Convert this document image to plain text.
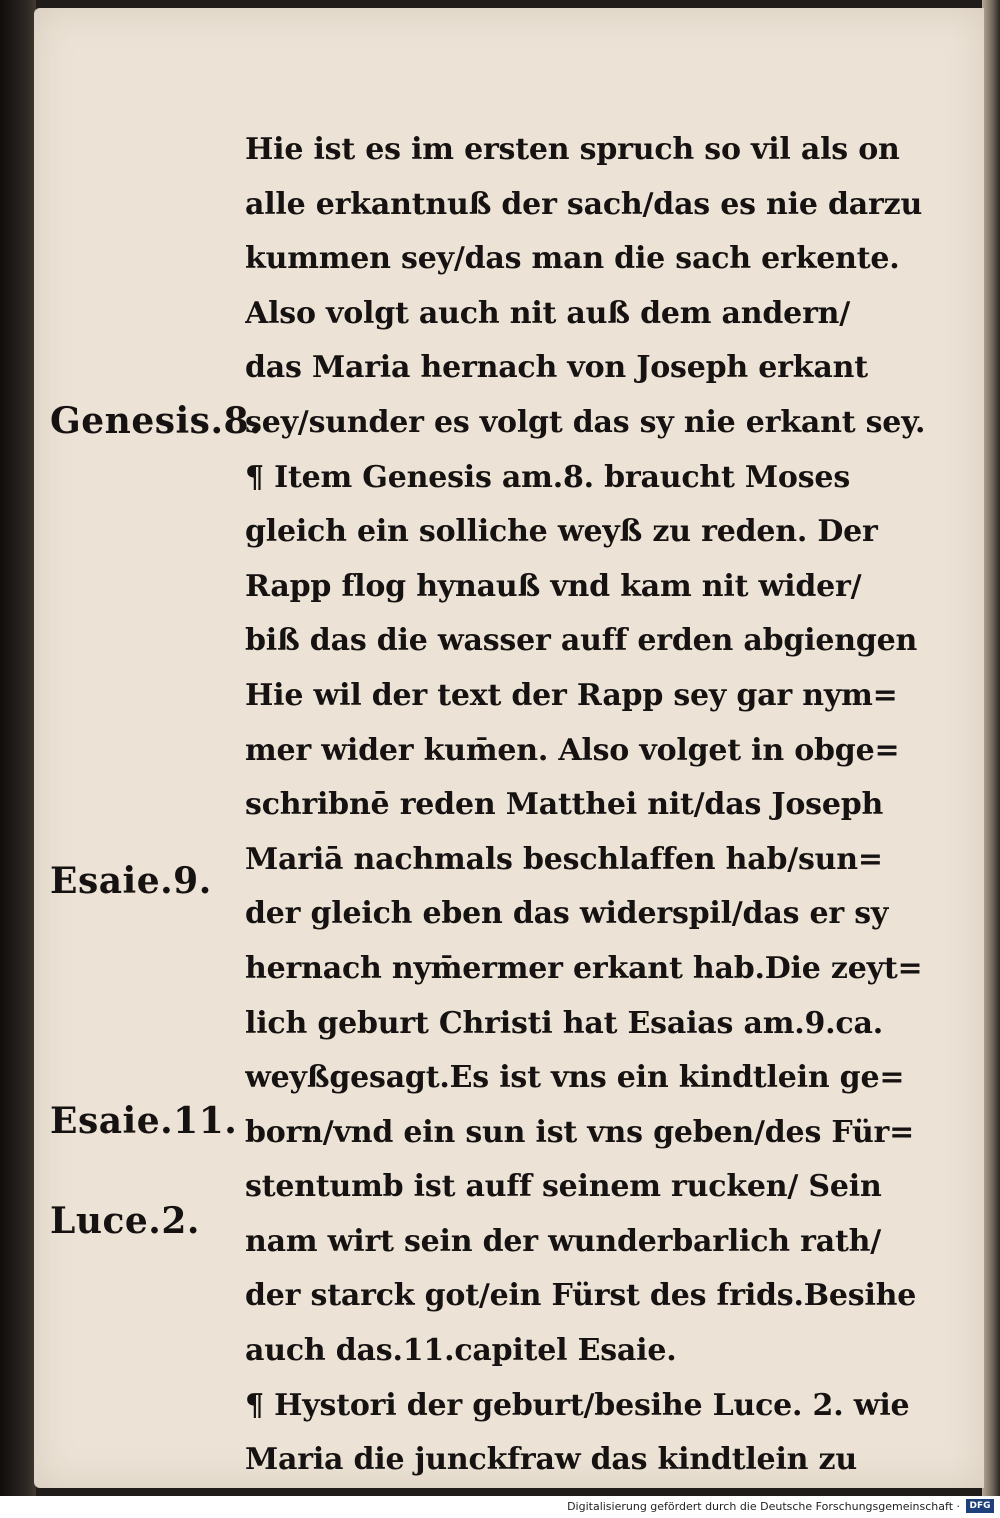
Genesis.8.
Esaie.9.
Esaie.11.
Luce.2.
Hie ist es im ersten spruch so vil als on
alle erkantnuß der sach/das es nie darzu
kummen sey/das man die sach erkente.
Also volgt auch nit auß dem andern/
das Maria hernach von Joseph erkant
sey/sunder es volgt das sy nie erkant sey.
¶ Item Genesis am.8. braucht Moses
gleich ein solliche weyß zu reden. Der
Rapp flog hynauß vnd kam nit wider/
biß das die wasser auff erden abgiengen
Hie wil der text der Rapp sey gar nym=
mer wider kum̄en. Also volget in obge=
schribnē reden Matthei nit/das Joseph
Mariā nachmals beschlaffen hab/sun=
der gleich eben das widerspil/das er sy
hernach nym̄ermer erkant hab.Die zeyt=
lich geburt Christi hat Esaias am.9.ca.
weyßgesagt.Es ist vns ein kindtlein ge=
born/vnd ein sun ist vns geben/des Für=
stentumb ist auff seinem rucken/ Sein
nam wirt sein der wunderbarlich rath/
der starck got/ein Fürst des frids.Besihe
auch das.11.capitel Esaie.
¶ Hystori der geburt/besihe Luce. 2. wie
Maria die junckfraw das kindtlein zu
Digitalisierung gefördert durch die Deutsche Forschungsgemeinschaft ·	DFG
